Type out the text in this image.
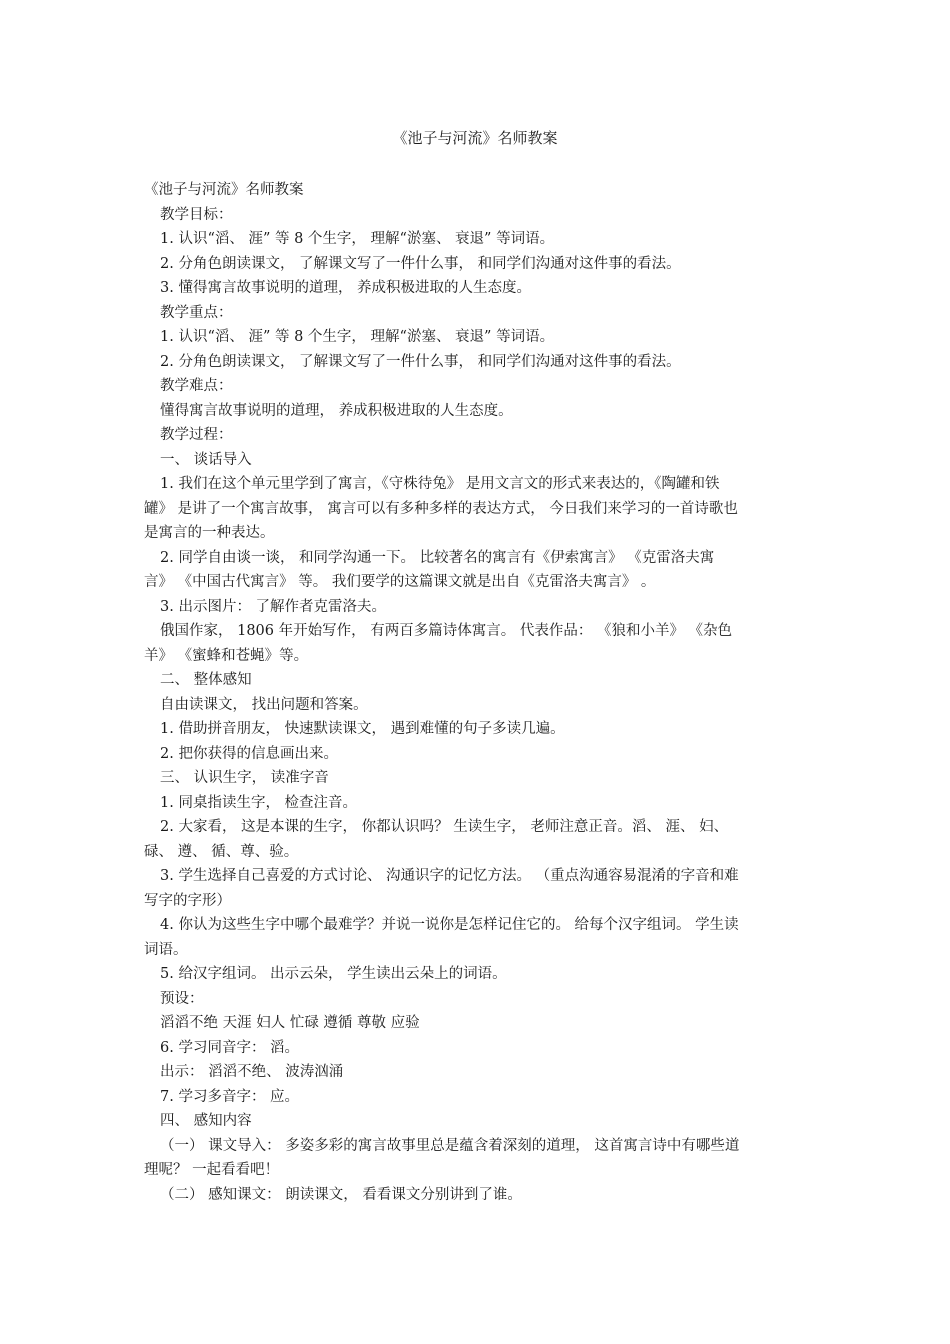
《池子与河流》名师教案
《池子与河流》名师教案
教学目标：
1. 认识“滔、 涯” 等 8 个生字， 理解“淤塞、 衰退” 等词语。
2. 分角色朗读课文， 了解课文写了一件什么事， 和同学们沟通对这件事的看法。
3. 懂得寓言故事说明的道理， 养成积极进取的人生态度。
教学重点：
1. 认识“滔、 涯” 等 8 个生字， 理解“淤塞、 衰退” 等词语。
2. 分角色朗读课文， 了解课文写了一件什么事， 和同学们沟通对这件事的看法。
教学难点：
懂得寓言故事说明的道理， 养成积极进取的人生态度。
教学过程：
一、 谈话导入
1. 我们在这个单元里学到了寓言，《守株待兔》 是用文言文的形式来表达的，《陶罐和铁
罐》 是讲了一个寓言故事， 寓言可以有多种多样的表达方式， 今日我们来学习的一首诗歌也
是寓言的一种表达。
2. 同学自由谈一谈， 和同学沟通一下。 比较著名的寓言有《伊索寓言》 《克雷洛夫寓
言》 《中国古代寓言》 等。 我们要学的这篇课文就是出自《克雷洛夫寓言》 。
3. 出示图片： 了解作者克雷洛夫。
俄国作家， 1806 年开始写作， 有两百多篇诗体寓言。 代表作品： 《狼和小羊》 《杂色
羊》 《蜜蜂和苍蝇》等。
二、 整体感知
自由读课文， 找出问题和答案。
1. 借助拼音朋友， 快速默读课文， 遇到难懂的句子多读几遍。
2. 把你获得的信息画出来。
三、 认识生字， 读准字音
1. 同桌指读生字， 检查注音。
2. 大家看， 这是本课的生字， 你都认识吗？ 生读生字， 老师注意正音。滔、 涯、 妇、
碌、 遵、 循、尊、验。
3. 学生选择自己喜爱的方式讨论、 沟通识字的记忆方法。 （重点沟通容易混淆的字音和难
写字的字形）
4. 你认为这些生字中哪个最难学？并说一说你是怎样记住它的。 给每个汉字组词。 学生读
词语。
5. 给汉字组词。 出示云朵， 学生读出云朵上的词语。
预设：
滔滔不绝 天涯 妇人 忙碌 遵循 尊敬 应验
6. 学习同音字： 滔。
出示： 滔滔不绝、 波涛汹涌
7. 学习多音字： 应。
四、 感知内容
（一） 课文导入： 多姿多彩的寓言故事里总是蕴含着深刻的道理， 这首寓言诗中有哪些道
理呢？ 一起看看吧！
（二） 感知课文： 朗读课文， 看看课文分别讲到了谁。
